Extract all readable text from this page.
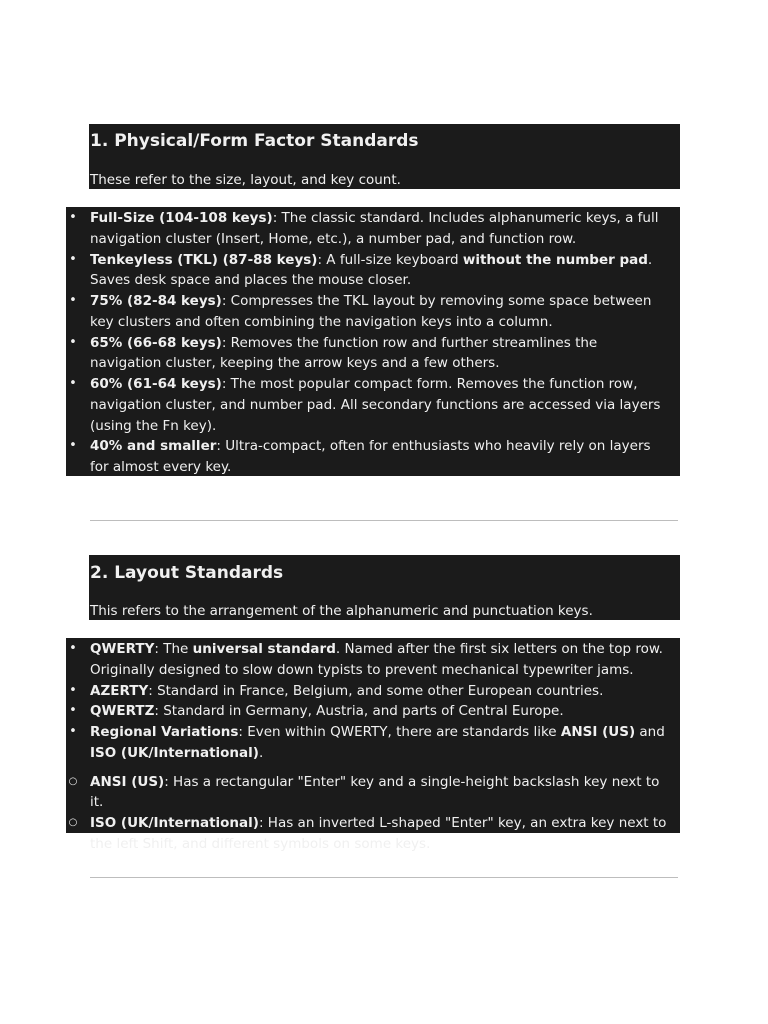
1. Physical/Form Factor Standards

These refer to the size, layout, and key count.

• Full-Size (104-108 keys): The classic standard. Includes alphanumeric keys, a full navigation cluster (Insert, Home, etc.), a number pad, and function row.
• Tenkeyless (TKL) (87-88 keys): A full-size keyboard without the number pad. Saves desk space and places the mouse closer.
• 75% (82-84 keys): Compresses the TKL layout by removing some space between key clusters and often combining the navigation keys into a column.
• 65% (66-68 keys): Removes the function row and further streamlines the navigation cluster, keeping the arrow keys and a few others.
• 60% (61-64 keys): The most popular compact form. Removes the function row, navigation cluster, and number pad. All secondary functions are accessed via layers (using the Fn key).
• 40% and smaller: Ultra-compact, often for enthusiasts who heavily rely on layers for almost every key.
2. Layout Standards

This refers to the arrangement of the alphanumeric and punctuation keys.

• QWERTY: The universal standard. Named after the first six letters on the top row. Originally designed to slow down typists to prevent mechanical typewriter jams.
• AZERTY: Standard in France, Belgium, and some other European countries.
• QWERTZ: Standard in Germany, Austria, and parts of Central Europe.
• Regional Variations: Even within QWERTY, there are standards like ANSI (US) and ISO (UK/International).
○ ANSI (US): Has a rectangular "Enter" key and a single-height backslash key next to it.
○ ISO (UK/International): Has an inverted L-shaped "Enter" key, an extra key next to the left Shift, and different symbols on some keys.
